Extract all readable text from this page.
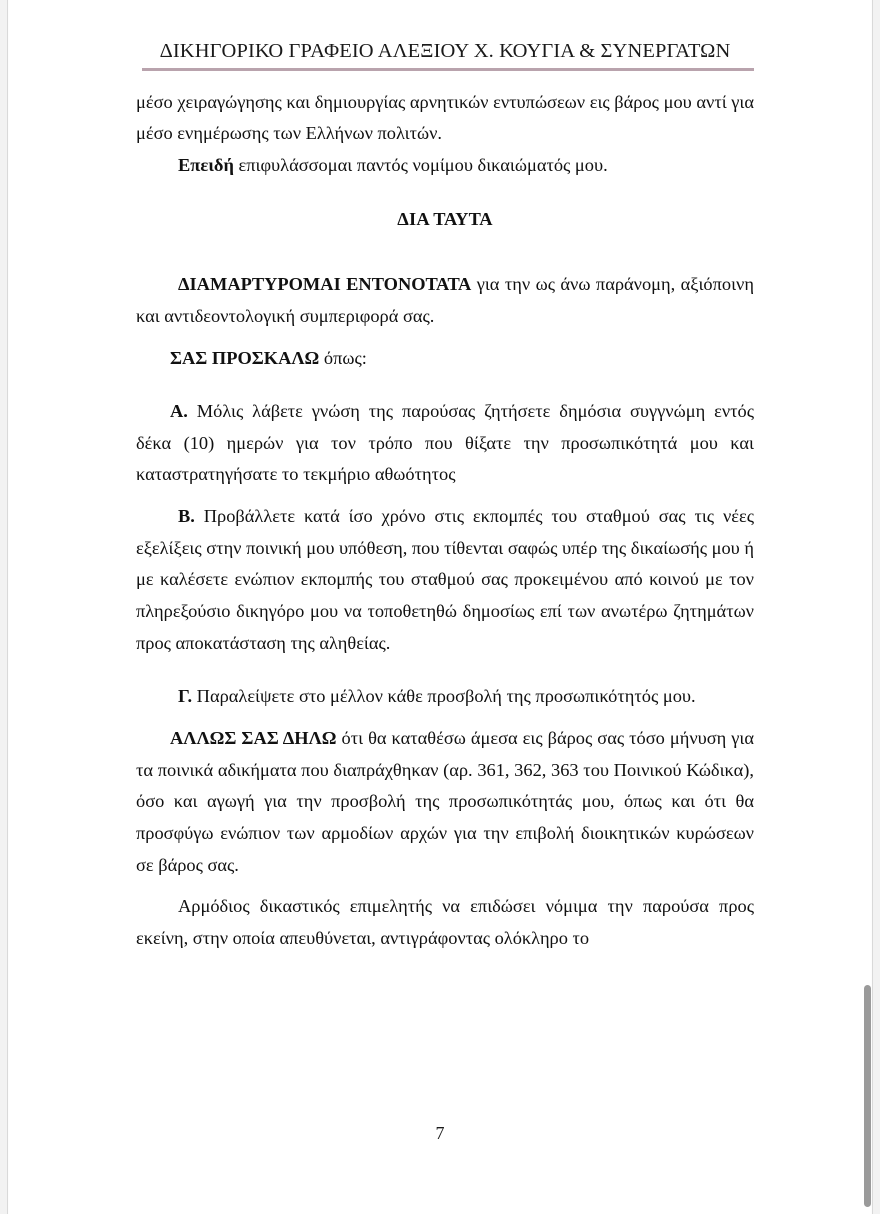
ΔΙΚΗΓΟΡΙΚΟ ΓΡΑΦΕΙΟ ΑΛΕΞΙΟΥ Χ. ΚΟΥΓΙΑ & ΣΥΝΕΡΓΑΤΩΝ

μέσο χειραγώγησης και δημιουργίας αρνητικών εντυπώσεων εις βάρος μου αντί για μέσο ενημέρωσης των Ελλήνων πολιτών.

Επειδή επιφυλάσσομαι παντός νομίμου δικαιώματός μου.

ΔΙΑ ΤΑΥΤΑ

ΔΙΑΜΑΡΤΥΡΟΜΑΙ ΕΝΤΟΝΟΤΑΤΑ για την ως άνω παράνομη, αξιόποινη και αντιδεοντολογική συμπεριφορά σας.

ΣΑΣ ΠΡΟΣΚΑΛΩ όπως:

Α. Μόλις λάβετε γνώση της παρούσας ζητήσετε δημόσια συγγνώμη εντός δέκα (10) ημερών για τον τρόπο που θίξατε την προσωπικότητά μου και καταστρατηγήσατε το τεκμήριο αθωότητος

Β. Προβάλλετε κατά ίσο χρόνο στις εκπομπές του σταθμού σας τις νέες εξελίξεις στην ποινική μου υπόθεση, που τίθενται σαφώς υπέρ της δικαίωσής μου ή με καλέσετε ενώπιον εκπομπής του σταθμού σας προκειμένου από κοινού με τον πληρεξούσιο δικηγόρο μου να τοποθετηθώ δημοσίως επί των ανωτέρω ζητημάτων προς αποκατάσταση της αληθείας.

Γ. Παραλείψετε στο μέλλον κάθε προσβολή της προσωπικότητός μου.

ΑΛΛΩΣ ΣΑΣ ΔΗΛΩ ότι θα καταθέσω άμεσα εις βάρος σας τόσο μήνυση για τα ποινικά αδικήματα που διαπράχθηκαν (αρ. 361, 362, 363 του Ποινικού Κώδικα), όσο και αγωγή για την προσβολή της προσωπικότητάς μου, όπως και ότι θα προσφύγω ενώπιον των αρμοδίων αρχών για την επιβολή διοικητικών κυρώσεων σε βάρος σας.

Αρμόδιος δικαστικός επιμελητής να επιδώσει νόμιμα την παρούσα προς εκείνη, στην οποία απευθύνεται, αντιγράφοντας ολόκληρο το

7
